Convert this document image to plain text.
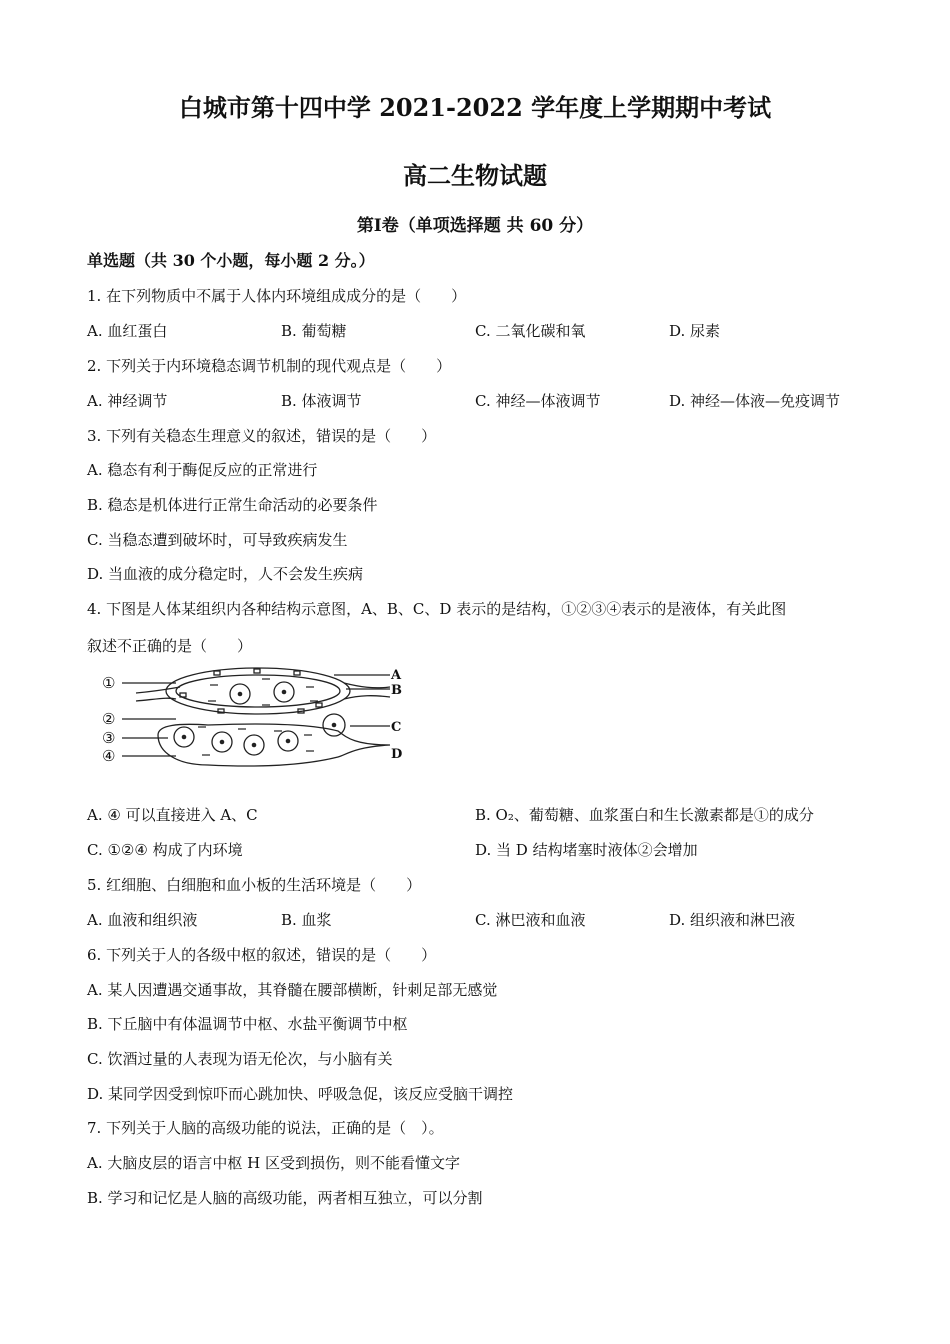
白城市第十四中学 2021-2022 学年度上学期期中考试
高二生物试题
第Ⅰ卷（单项选择题 共 60 分）
单选题（共 30 个小题，每小题 2 分。）
1. 在下列物质中不属于人体内环境组成成分的是（　　）
A. 血红蛋白	B. 葡萄糖	C. 二氧化碳和氧	D. 尿素
2. 下列关于内环境稳态调节机制的现代观点是（　　）
A. 神经调节	B. 体液调节	C. 神经—体液调节	D. 神经—体液—免疫调节
3. 下列有关稳态生理意义的叙述，错误的是（　　）
A. 稳态有利于酶促反应的正常进行
B. 稳态是机体进行正常生命活动的必要条件
C. 当稳态遭到破坏时，可导致疾病发生
D. 当血液的成分稳定时，人不会发生疾病
4. 下图是人体某组织内各种结构示意图，A、B、C、D 表示的是结构，①②③④表示的是液体，有关此图
叙述不正确的是（　　）
①
②
③
④
A
B
C
D
A. ④ 可以直接进入 A、C	B. O₂、葡萄糖、血浆蛋白和生长激素都是①的成分
C. ①②④ 构成了内环境	D. 当 D 结构堵塞时液体②会增加
5. 红细胞、白细胞和血小板的生活环境是（　　）
A. 血液和组织液	B. 血浆	C. 淋巴液和血液	D. 组织液和淋巴液
6. 下列关于人的各级中枢的叙述，错误的是（　　）
A. 某人因遭遇交通事故，其脊髓在腰部横断，针刺足部无感觉
B. 下丘脑中有体温调节中枢、水盐平衡调节中枢
C. 饮酒过量的人表现为语无伦次，与小脑有关
D. 某同学因受到惊吓而心跳加快、呼吸急促，该反应受脑干调控
7. 下列关于人脑的高级功能的说法，正确的是（　）。
A. 大脑皮层的语言中枢 H 区受到损伤，则不能看懂文字
B. 学习和记忆是人脑的高级功能，两者相互独立，可以分割
